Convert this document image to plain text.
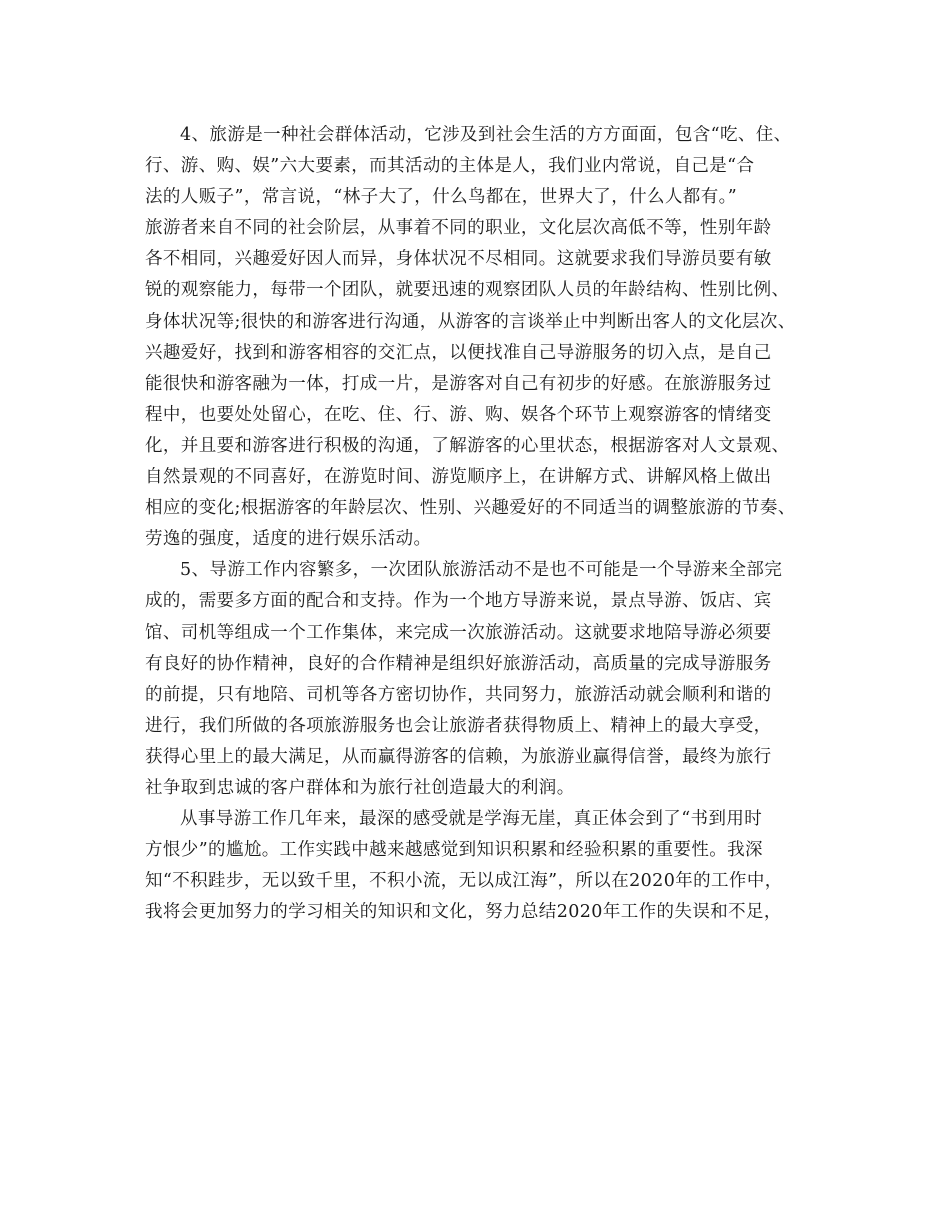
4、旅游是一种社会群体活动，它涉及到社会生活的方方面面，包含“吃、住、
行、游、购、娱”六大要素，而其活动的主体是人，我们业内常说，自己是“合
法的人贩子”，常言说，“林子大了，什么鸟都在，世界大了，什么人都有。”
旅游者来自不同的社会阶层，从事着不同的职业，文化层次高低不等，性别年龄
各不相同，兴趣爱好因人而异，身体状况不尽相同。这就要求我们导游员要有敏
锐的观察能力，每带一个团队，就要迅速的观察团队人员的年龄结构、性别比例、
身体状况等;很快的和游客进行沟通，从游客的言谈举止中判断出客人的文化层次、
兴趣爱好，找到和游客相容的交汇点，以便找准自己导游服务的切入点，是自己
能很快和游客融为一体，打成一片，是游客对自己有初步的好感。在旅游服务过
程中，也要处处留心，在吃、住、行、游、购、娱各个环节上观察游客的情绪变
化，并且要和游客进行积极的沟通，了解游客的心里状态，根据游客对人文景观、
自然景观的不同喜好，在游览时间、游览顺序上，在讲解方式、讲解风格上做出
相应的变化;根据游客的年龄层次、性别、兴趣爱好的不同适当的调整旅游的节奏、
劳逸的强度，适度的进行娱乐活动。
5、导游工作内容繁多，一次团队旅游活动不是也不可能是一个导游来全部完
成的，需要多方面的配合和支持。作为一个地方导游来说，景点导游、饭店、宾
馆、司机等组成一个工作集体，来完成一次旅游活动。这就要求地陪导游必须要
有良好的协作精神，良好的合作精神是组织好旅游活动，高质量的完成导游服务
的前提，只有地陪、司机等各方密切协作，共同努力，旅游活动就会顺利和谐的
进行，我们所做的各项旅游服务也会让旅游者获得物质上、精神上的最大享受，
获得心里上的最大满足，从而赢得游客的信赖，为旅游业赢得信誉，最终为旅行
社争取到忠诚的客户群体和为旅行社创造最大的利润。
从事导游工作几年来，最深的感受就是学海无崖，真正体会到了“书到用时
方恨少”的尴尬。工作实践中越来越感觉到知识积累和经验积累的重要性。我深
知“不积跬步，无以致千里，不积小流，无以成江海”，所以在2020年的工作中，
我将会更加努力的学习相关的知识和文化，努力总结2020年工作的失误和不足，
